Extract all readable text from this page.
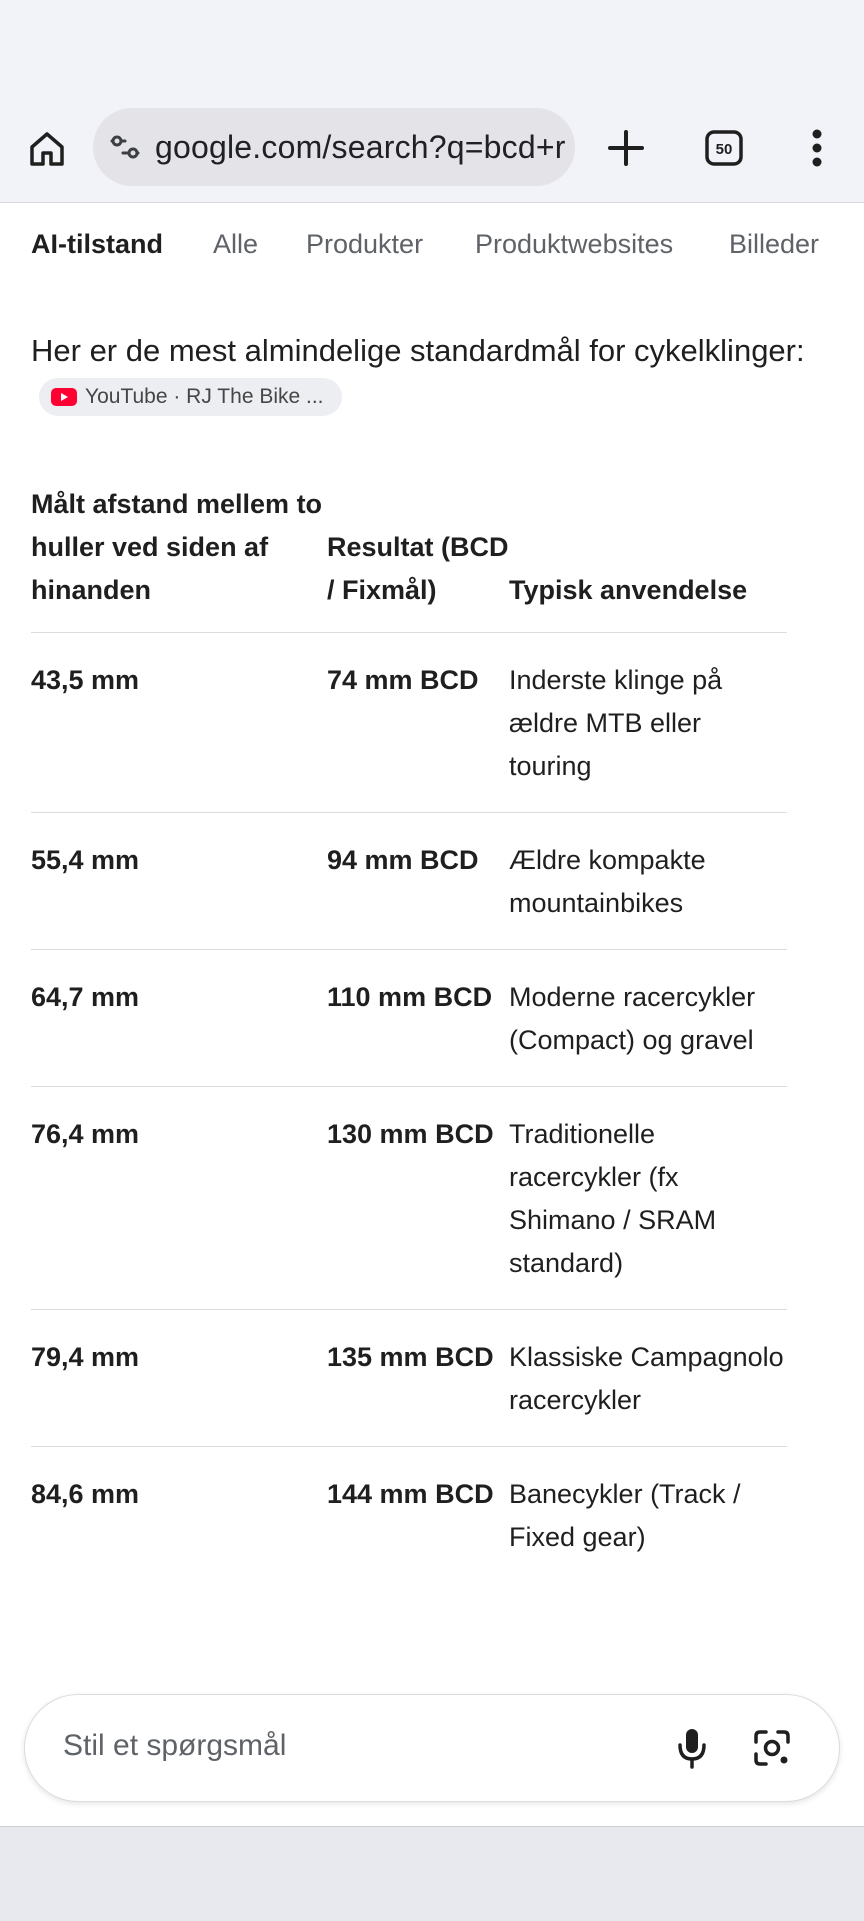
google.com/search?q=bcd+r	50
AI-tilstand Alle Produkter Produktwebsites Billeder
Her er de mest almindelige standardmål for cykelklinger:
YouTube · RJ The Bike ...
Målt afstand mellem to huller ved siden af hinanden	Resultat (BCD / Fixmål)	Typisk anvendelse
43,5 mm	74 mm BCD	Inderste klinge på ældre MTB eller touring
55,4 mm	94 mm BCD	Ældre kompakte mountainbikes
64,7 mm	110 mm BCD	Moderne racercykler (Compact) og gravel
76,4 mm	130 mm BCD	Traditionelle racercykler (fx Shimano / SRAM standard)
79,4 mm	135 mm BCD	Klassiske Campagnolo racercykler
84,6 mm	144 mm BCD	Banecykler (Track / Fixed gear)
Stil et spørgsmål
